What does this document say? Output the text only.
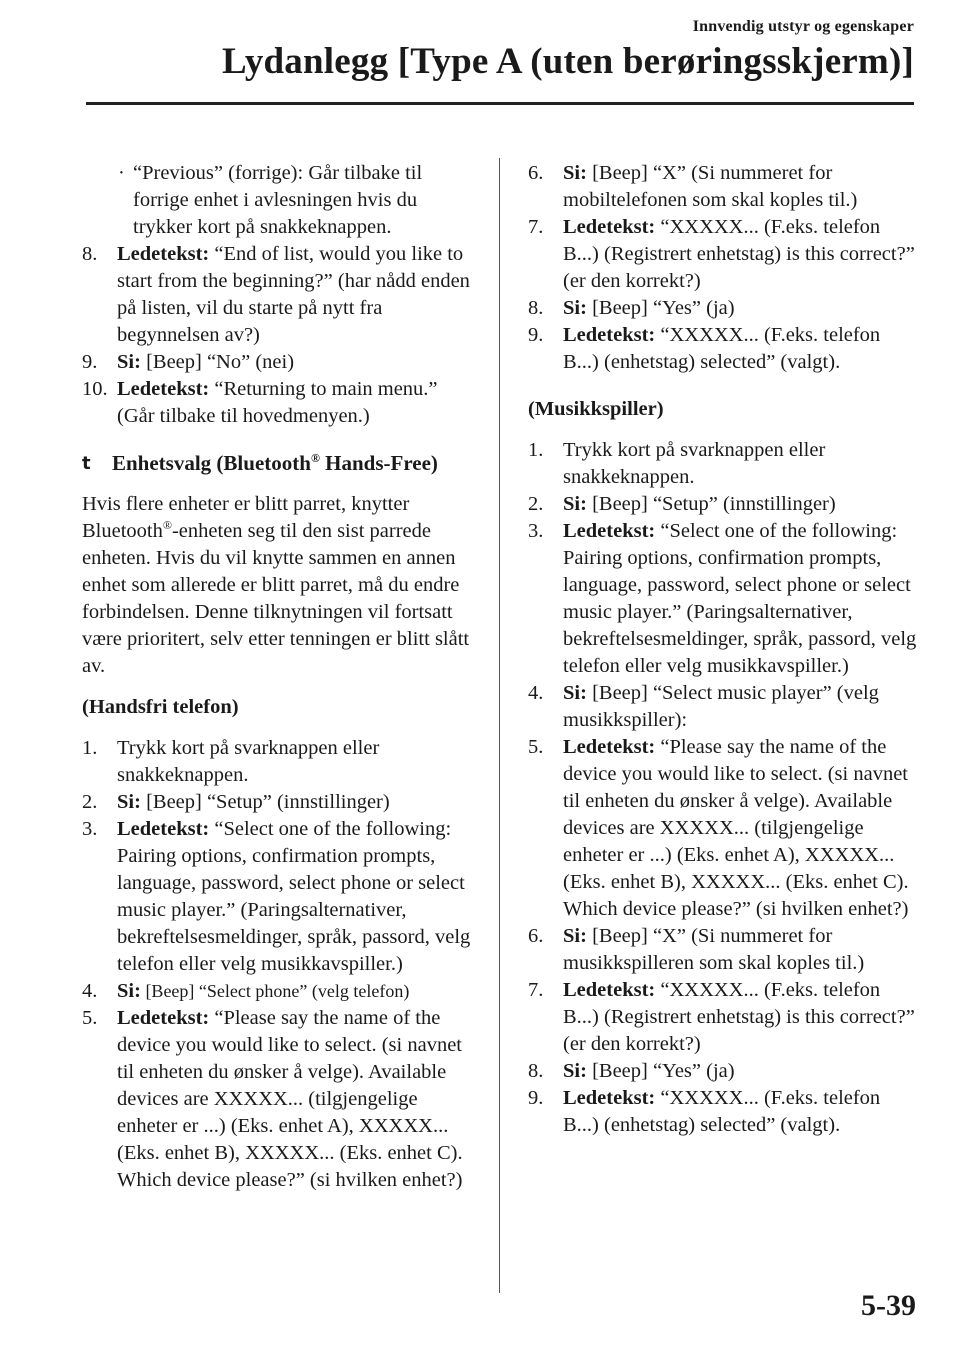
Innvendig utstyr og egenskaper
Lydanlegg [Type A (uten berøringsskjerm)]
· “Previous” (forrige): Går tilbake til forrige enhet i avlesningen hvis du trykker kort på snakkeknappen.
8. Ledetekst: “End of list, would you like to start from the beginning?” (har nådd enden på listen, vil du starte på nytt fra begynnelsen av?)
9. Si: [Beep] “No” (nei)
10. Ledetekst: “Returning to main menu.” (Går tilbake til hovedmenyen.)
t Enhetsvalg (Bluetooth® Hands-Free)
Hvis flere enheter er blitt parret, knytter Bluetooth®-enheten seg til den sist parrede enheten. Hvis du vil knytte sammen en annen enhet som allerede er blitt parret, må du endre forbindelsen. Denne tilknytningen vil fortsatt være prioritert, selv etter tenningen er blitt slått av.
(Handsfri telefon)
1. Trykk kort på svarknappen eller snakkeknappen.
2. Si: [Beep] “Setup” (innstillinger)
3. Ledetekst: “Select one of the following: Pairing options, confirmation prompts, language, password, select phone or select music player.” (Paringsalternativer, bekreftelsesmeldinger, språk, passord, velg telefon eller velg musikkavspiller.)
4. Si: [Beep] “Select phone” (velg telefon)
5. Ledetekst: “Please say the name of the device you would like to select. (si navnet til enheten du ønsker å velge). Available devices are XXXXX... (tilgjengelige enheter er ...) (Eks. enhet A), XXXXX... (Eks. enhet B), XXXXX... (Eks. enhet C). Which device please?” (si hvilken enhet?)
6. Si: [Beep] “X” (Si nummeret for mobiltelefonen som skal koples til.)
7. Ledetekst: “XXXXX... (F.eks. telefon B...) (Registrert enhetstag) is this correct?” (er den korrekt?)
8. Si: [Beep] “Yes” (ja)
9. Ledetekst: “XXXXX... (F.eks. telefon B...) (enhetstag) selected” (valgt).
(Musikkspiller)
1. Trykk kort på svarknappen eller snakkeknappen.
2. Si: [Beep] “Setup” (innstillinger)
3. Ledetekst: “Select one of the following: Pairing options, confirmation prompts, language, password, select phone or select music player.” (Paringsalternativer, bekreftelsesmeldinger, språk, passord, velg telefon eller velg musikkavspiller.)
4. Si: [Beep] “Select music player” (velg musikkspiller):
5. Ledetekst: “Please say the name of the device you would like to select. (si navnet til enheten du ønsker å velge). Available devices are XXXXX... (tilgjengelige enheter er ...) (Eks. enhet A), XXXXX... (Eks. enhet B), XXXXX... (Eks. enhet C). Which device please?” (si hvilken enhet?)
6. Si: [Beep] “X” (Si nummeret for musikkspilleren som skal koples til.)
7. Ledetekst: “XXXXX... (F.eks. telefon B...) (Registrert enhetstag) is this correct?” (er den korrekt?)
8. Si: [Beep] “Yes” (ja)
9. Ledetekst: “XXXXX... (F.eks. telefon B...) (enhetstag) selected” (valgt).
5-39
